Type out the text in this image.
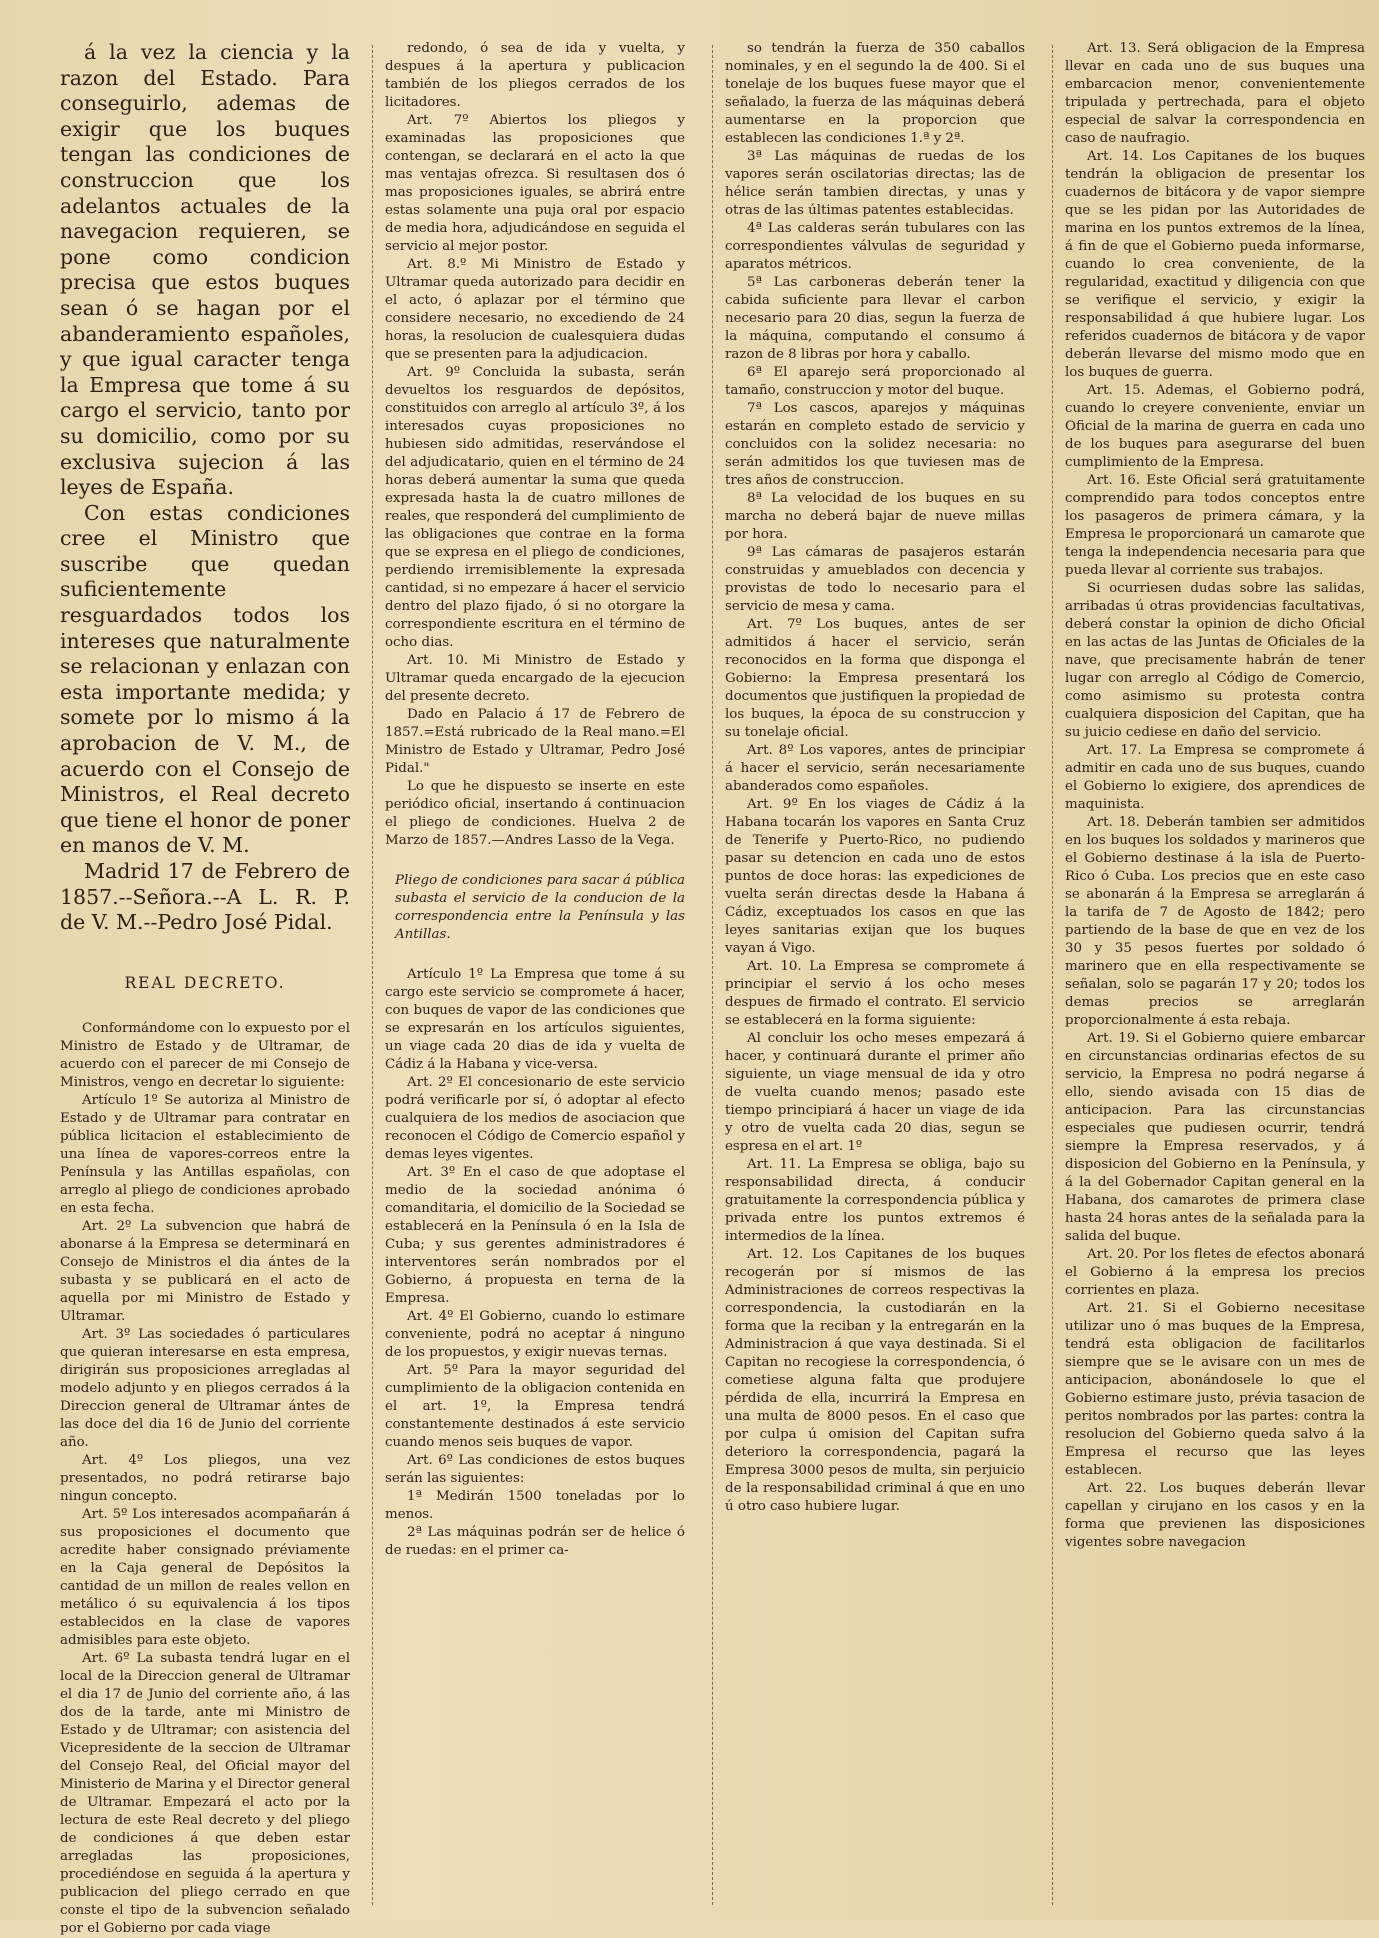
á la vez la ciencia y la razon del Estado. Para conseguirlo, ademas de exigir que los buques tengan las condiciones de construccion que los adelantos actuales de la navegacion requieren, se pone como condicion precisa que estos buques sean ó se hagan por el abanderamiento españoles, y que igual caracter tenga la Empresa que tome á su cargo el servicio, tanto por su domicilio, como por su exclusiva sujecion á las leyes de España.

Con estas condiciones cree el Ministro que suscribe que quedan suficientemente resguardados todos los intereses que naturalmente se relacionan y enlazan con esta importante medida; y somete por lo mismo á la aprobacion de V. M., de acuerdo con el Consejo de Ministros, el Real decreto que tiene el honor de poner en manos de V. M.

Madrid 17 de Febrero de 1857.--Señora.--A L. R. P. de V. M.--Pedro José Pidal.

REAL DECRETO.

Conformándome con lo expuesto por el Ministro de Estado y de Ultramar, de acuerdo con el parecer de mi Consejo de Ministros, vengo en decretar lo siguiente:

Artículo 1º Se autoriza al Ministro de Estado y de Ultramar para contratar en pública licitacion el establecimiento de una línea de vapores-correos entre la Península y las Antillas españolas, con arreglo al pliego de condiciones aprobado en esta fecha.

Art. 2º La subvencion que habrá de abonarse á la Empresa se determinará en Consejo de Ministros el dia ántes de la subasta y se publicará en el acto de aquella por mi Ministro de Estado y Ultramar.

Art. 3º Las sociedades ó particulares que quieran interesarse en esta empresa, dirigirán sus proposiciones arregladas al modelo adjunto y en pliegos cerrados á la Direccion general de Ultramar ántes de las doce del dia 16 de Junio del corriente año.

Art. 4º Los pliegos, una vez presentados, no podrá retirarse bajo ningun concepto.

Art. 5º Los interesados acompañarán á sus proposiciones el documento que acredite haber consignado préviamente en la Caja general de Depósitos la cantidad de un millon de reales vellon en metálico ó su equivalencia á los tipos establecidos en la clase de vapores admisibles para este objeto.

Art. 6º La subasta tendrá lugar en el local de la Direccion general de Ultramar el dia 17 de Junio del corriente año, á las dos de la tarde, ante mi Ministro de Estado y de Ultramar; con asistencia del Vicepresidente de la seccion de Ultramar del Consejo Real, del Oficial mayor del Ministerio de Marina y el Director general de Ultramar. Empezará el acto por la lectura de este Real decreto y del pliego de condiciones á que deben estar arregladas las proposiciones, procediéndose en seguida á la apertura y publicacion del pliego cerrado en que conste el tipo de la subvencion señalado por el Gobierno por cada viage

redondo, ó sea de ida y vuelta, y despues á la apertura y publicacion también de los pliegos cerrados de los licitadores.

Art. 7º Abiertos los pliegos y examinadas las proposiciones que contengan, se declarará en el acto la que mas ventajas ofrezca. Si resultasen dos ó mas proposiciones iguales, se abrirá entre estas solamente una puja oral por espacio de media hora, adjudicándose en seguida el servicio al mejor postor.

Art. 8.º Mi Ministro de Estado y Ultramar queda autorizado para decidir en el acto, ó aplazar por el término que considere necesario, no excediendo de 24 horas, la resolucion de cualesquiera dudas que se presenten para la adjudicacion.

Art. 9º Concluida la subasta, serán devueltos los resguardos de depósitos, constituidos con arreglo al artículo 3º, á los interesados cuyas proposiciones no hubiesen sido admitidas, reservándose el del adjudicatario, quien en el término de 24 horas deberá aumentar la suma que queda expresada hasta la de cuatro millones de reales, que responderá del cumplimiento de las obligaciones que contrae en la forma que se expresa en el pliego de condiciones, perdiendo irremisiblemente la expresada cantidad, si no empezare á hacer el servicio dentro del plazo fijado, ó si no otorgare la correspondiente escritura en el término de ocho dias.

Art. 10. Mi Ministro de Estado y Ultramar queda encargado de la ejecucion del presente decreto.

Dado en Palacio á 17 de Febrero de 1857.=Está rubricado de la Real mano.=El Ministro de Estado y Ultramar, Pedro José Pidal."

Lo que he dispuesto se inserte en este periódico oficial, insertando á continuacion el pliego de condiciones. Huelva 2 de Marzo de 1857.—Andres Lasso de la Vega.

Pliego de condiciones para sacar á pública subasta el servicio de la conducion de la correspondencia entre la Península y las Antillas.

Artículo 1º La Empresa que tome á su cargo este servicio se compromete á hacer, con buques de vapor de las condiciones que se expresarán en los artículos siguientes, un viage cada 20 dias de ida y vuelta de Cádiz á la Habana y vice-versa.

Art. 2º El concesionario de este servicio podrá verificarle por sí, ó adoptar al efecto cualquiera de los medios de asociacion que reconocen el Código de Comercio español y demas leyes vigentes.

Art. 3º En el caso de que adoptase el medio de la sociedad anónima ó comanditaria, el domicilio de la Sociedad se establecerá en la Península ó en la Isla de Cuba; y sus gerentes administradores é interventores serán nombrados por el Gobierno, á propuesta en terna de la Empresa.

Art. 4º El Gobierno, cuando lo estimare conveniente, podrá no aceptar á ninguno de los propuestos, y exigir nuevas ternas.

Art. 5º Para la mayor seguridad del cumplimiento de la obligacion contenida en el art. 1º, la Empresa tendrá constantemente destinados á este servicio cuando menos seis buques de vapor.

Art. 6º Las condiciones de estos buques serán las siguientes:

1ª Medirán 1500 toneladas por lo menos.

2ª Las máquinas podrán ser de helice ó de ruedas: en el primer ca-

so tendrán la fuerza de 350 caballos nominales, y en el segundo la de 400. Si el tonelaje de los buques fuese mayor que el señalado, la fuerza de las máquinas deberá aumentarse en la proporcion que establecen las condiciones 1.ª y 2ª.

3ª Las máquinas de ruedas de los vapores serán oscilatorias directas; las de hélice serán tambien directas, y unas y otras de las últimas patentes establecidas.

4ª Las calderas serán tubulares con las correspondientes válvulas de seguridad y aparatos métricos.

5ª Las carboneras deberán tener la cabida suficiente para llevar el carbon necesario para 20 dias, segun la fuerza de la máquina, computando el consumo á razon de 8 libras por hora y caballo.

6ª El aparejo será proporcionado al tamaño, construccion y motor del buque.

7ª Los cascos, aparejos y máquinas estarán en completo estado de servicio y concluidos con la solidez necesaria: no serán admitidos los que tuviesen mas de tres años de construccion.

8ª La velocidad de los buques en su marcha no deberá bajar de nueve millas por hora.

9ª Las cámaras de pasajeros estarán construidas y amueblados con decencia y provistas de todo lo necesario para el servicio de mesa y cama.

Art. 7º Los buques, antes de ser admitidos á hacer el servicio, serán reconocidos en la forma que disponga el Gobierno: la Empresa presentará los documentos que justifiquen la propiedad de los buques, la época de su construccion y su tonelaje oficial.

Art. 8º Los vapores, antes de principiar á hacer el servicio, serán necesariamente abanderados como españoles.

Art. 9º En los viages de Cádiz á la Habana tocarán los vapores en Santa Cruz de Tenerife y Puerto-Rico, no pudiendo pasar su detencion en cada uno de estos puntos de doce horas: las expediciones de vuelta serán directas desde la Habana á Cádiz, exceptuados los casos en que las leyes sanitarias exijan que los buques vayan á Vigo.

Art. 10. La Empresa se compromete á principiar el servio á los ocho meses despues de firmado el contrato. El servicio se establecerá en la forma siguiente:

Al concluir los ocho meses empezará á hacer, y continuará durante el primer año siguiente, un viage mensual de ida y otro de vuelta cuando menos; pasado este tiempo principiará á hacer un viage de ida y otro de vuelta cada 20 dias, segun se espresa en el art. 1º

Art. 11. La Empresa se obliga, bajo su responsabilidad directa, á conducir gratuitamente la correspondencia pública y privada entre los puntos extremos é intermedios de la línea.

Art. 12. Los Capitanes de los buques recogerán por sí mismos de las Administraciones de correos respectivas la correspondencia, la custodiarán en la forma que la reciban y la entregarán en la Administracion á que vaya destinada. Si el Capitan no recogiese la correspondencia, ó cometiese alguna falta que produjere pérdida de ella, incurrirá la Empresa en una multa de 8000 pesos. En el caso que por culpa ú omision del Capitan sufra deterioro la correspondencia, pagará la Empresa 3000 pesos de multa, sin perjuicio de la responsabilidad criminal á que en uno ú otro caso hubiere lugar.

Art. 13. Será obligacion de la Empresa llevar en cada uno de sus buques una embarcacion menor, convenientemente tripulada y pertrechada, para el objeto especial de salvar la correspondencia en caso de naufragio.

Art. 14. Los Capitanes de los buques tendrán la obligacion de presentar los cuadernos de bitácora y de vapor siempre que se les pidan por las Autoridades de marina en los puntos extremos de la línea, á fin de que el Gobierno pueda informarse, cuando lo crea conveniente, de la regularidad, exactitud y diligencia con que se verifique el servicio, y exigir la responsabilidad á que hubiere lugar. Los referidos cuadernos de bitácora y de vapor deberán llevarse del mismo modo que en los buques de guerra.

Art. 15. Ademas, el Gobierno podrá, cuando lo creyere conveniente, enviar un Oficial de la marina de guerra en cada uno de los buques para asegurarse del buen cumplimiento de la Empresa.

Art. 16. Este Oficial será gratuitamente comprendido para todos conceptos entre los pasageros de primera cámara, y la Empresa le proporcionará un camarote que tenga la independencia necesaria para que pueda llevar al corriente sus trabajos.

Si ocurriesen dudas sobre las salidas, arribadas ú otras providencias facultativas, deberá constar la opinion de dicho Oficial en las actas de las Juntas de Oficiales de la nave, que precisamente habrán de tener lugar con arreglo al Código de Comercio, como asimismo su protesta contra cualquiera disposicion del Capitan, que ha su juicio cediese en daño del servicio.

Art. 17. La Empresa se compromete á admitir en cada uno de sus buques, cuando el Gobierno lo exigiere, dos aprendices de maquinista.

Art. 18. Deberán tambien ser admitidos en los buques los soldados y marineros que el Gobierno destinase á la isla de Puerto-Rico ó Cuba. Los precios que en este caso se abonarán á la Empresa se arreglarán á la tarifa de 7 de Agosto de 1842; pero partiendo de la base de que en vez de los 30 y 35 pesos fuertes por soldado ó marinero que en ella respectivamente se señalan, solo se pagarán 17 y 20; todos los demas precios se arreglarán proporcionalmente á esta rebaja.

Art. 19. Si el Gobierno quiere embarcar en circunstancias ordinarias efectos de su servicio, la Empresa no podrá negarse á ello, siendo avisada con 15 dias de anticipacion. Para las circunstancias especiales que pudiesen ocurrir, tendrá siempre la Empresa reservados, y á disposicion del Gobierno en la Península, y á la del Gobernador Capitan general en la Habana, dos camarotes de primera clase hasta 24 horas antes de la señalada para la salida del buque.

Art. 20. Por los fletes de efectos abonará el Gobierno á la empresa los precios corrientes en plaza.

Art. 21. Si el Gobierno necesitase utilizar uno ó mas buques de la Empresa, tendrá esta obligacion de facilitarlos siempre que se le avisare con un mes de anticipacion, abonándosele lo que el Gobierno estimare justo, prévia tasacion de peritos nombrados por las partes: contra la resolucion del Gobierno queda salvo á la Empresa el recurso que las leyes establecen.

Art. 22. Los buques deberán llevar capellan y cirujano en los casos y en la forma que previenen las disposiciones vigentes sobre navegacion
